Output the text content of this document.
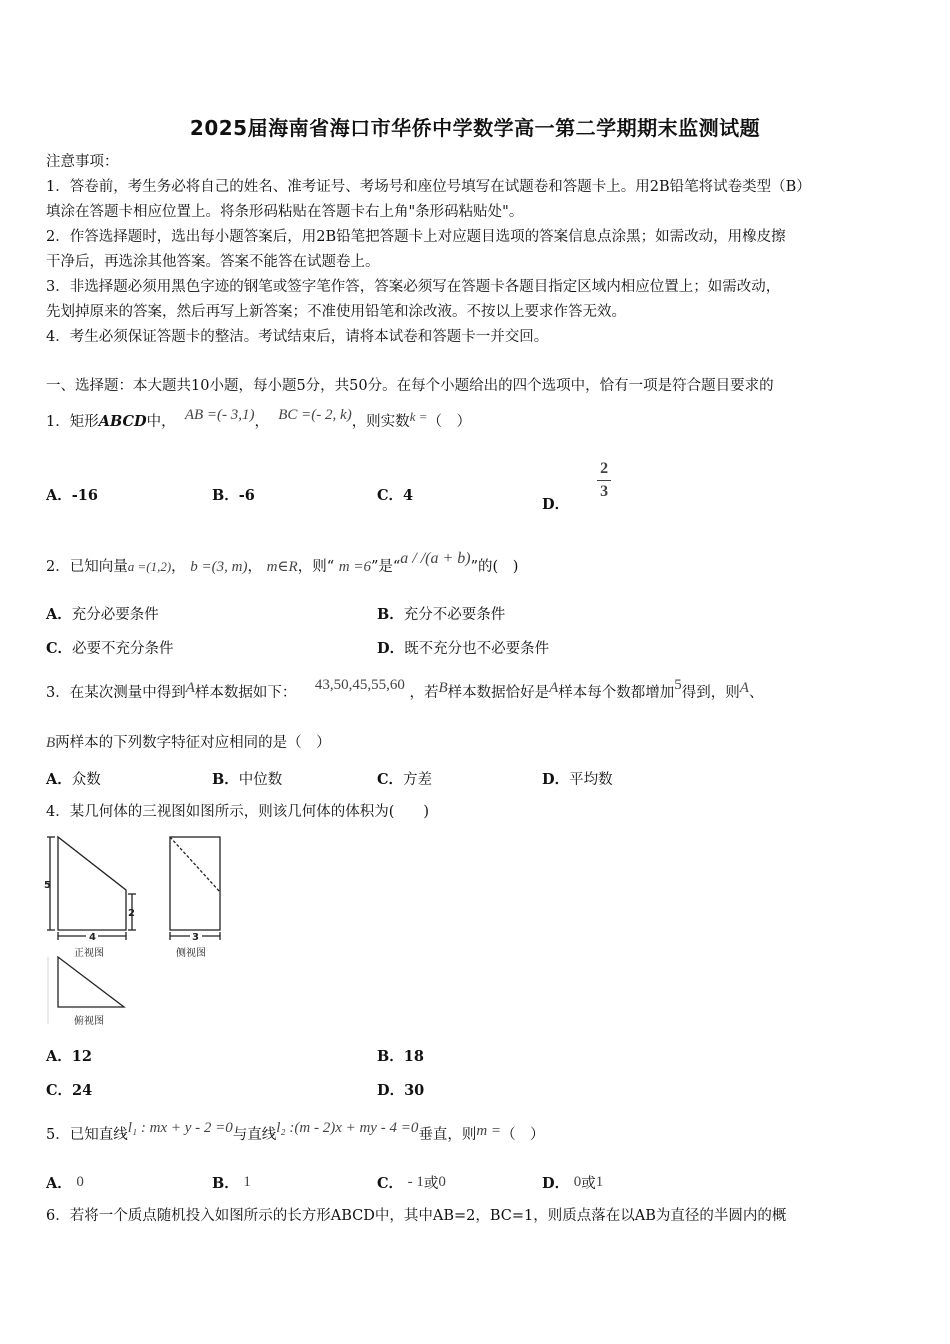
2025届海南省海口市华侨中学数学高一第二学期期末监测试题
注意事项：
1．答卷前，考生务必将自己的姓名、准考证号、考场号和座位号填写在试题卷和答题卡上。用2B铅笔将试卷类型（B）
填涂在答题卡相应位置上。将条形码粘贴在答题卡右上角"条形码粘贴处"。
2．作答选择题时，选出每小题答案后，用2B铅笔把答题卡上对应题目选项的答案信息点涂黑；如需改动，用橡皮擦
干净后，再选涂其他答案。答案不能答在试题卷上。
3．非选择题必须用黑色字迹的钢笔或签字笔作答，答案必须写在答题卡各题目指定区域内相应位置上；如需改动，
先划掉原来的答案，然后再写上新答案；不准使用铅笔和涂改液。不按以上要求作答无效。
4．考生必须保证答题卡的整洁。考试结束后，请将本试卷和答题卡一并交回。
一、选择题：本大题共10小题，每小题5分，共50分。在每个小题给出的四个选项中，恰有一项是符合题目要求的
1．矩形ABCD中， AB =(- 3,1)， BC =(- 2, k)，则实数k =（　）
A．-16	B．-6	C．4	D．
$\frac{2}{3}$
2．已知向量a =(1,2)， b =(3, m)， m∈R，则“ m =6”是“a / /(a + b)”的(　)
A．充分必要条件	B．充分不必要条件
C．必要不充分条件	D．既不充分也不必要条件
3．在某次测量中得到A样本数据如下： 43,50,45,55,60 ，若B样本数据恰好是A样本每个数都增加5得到，则A、
B两样本的下列数字特征对应相同的是（　）
A．众数	B．中位数	C．方差	D．平均数
4．某几何体的三视图如图所示，则该几何体的体积为(　　)
5
2
4	3
正视图	侧视图
俯视图
A．12	B．18
C．24	D．30
5．已知直线l₁ : mx + y - 2 =0与直线l₂ :(m - 2)x + my - 4 =0垂直，则m =（　）
A． 0	B． 1	C． - 1或0	D． 0或1
6．若将一个质点随机投入如图所示的长方形ABCD中，其中AB=2，BC=1，则质点落在以AB为直径的半圆内的概
